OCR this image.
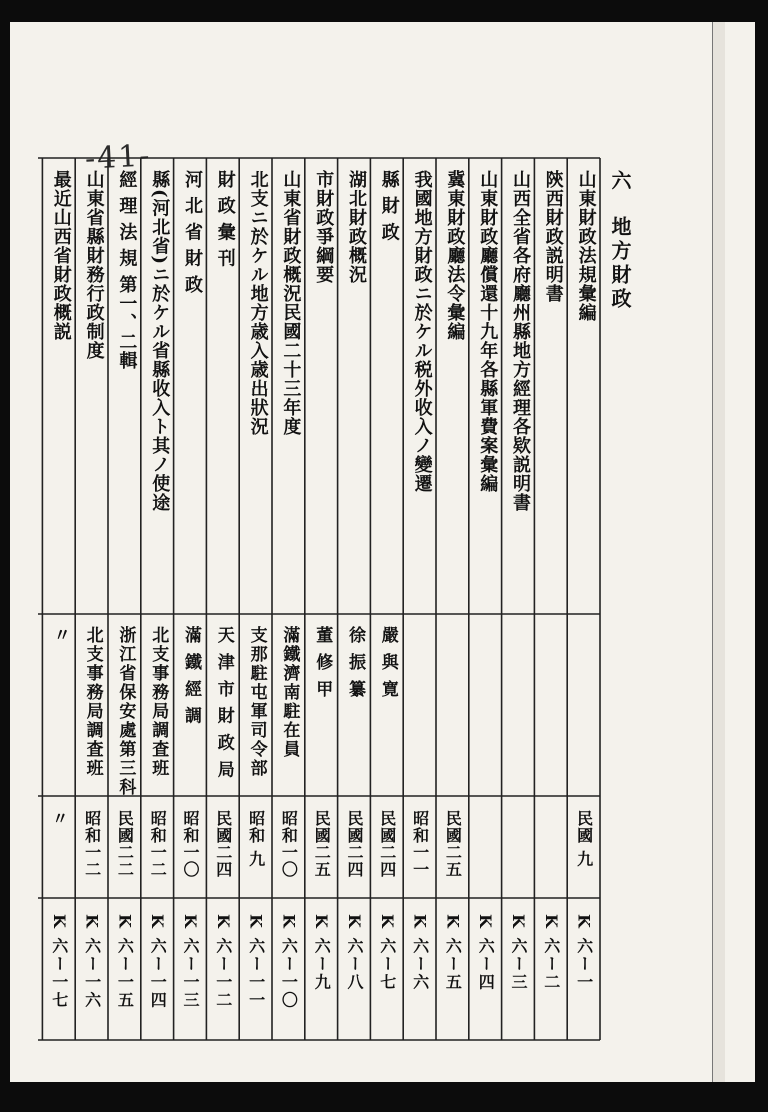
-41-
六地方財政
山東財政法規彙編
民國 九
K 六ー一
陝西財政説明書
K 六ー二
山西全省各府廳州縣地方經理各欵説明書
K 六ー三
山東財政廳償還十九年各縣軍費案彙編
K 六ー四
冀東財政廳法令彙編
民國二五
K 六ー五
我國地方財政ニ於ケル税外收入ノ變遷
昭和一一
K 六ー六
縣 財 政
嚴 與 寛
民國二四
K 六ー七
湖北財政概況
徐 振 纂
民國二四
K 六ー八
市財政爭綱要
董 修 甲
民國二五
K 六ー九
山東省財政概況民國二十三年度
滿鐵濟南駐在員
昭和一〇
K 六ー一〇
北支ニ於ケル地方歳入歳出狀況
支那駐屯軍司令部
昭和 九
K 六ー一一
財 政 彙 刊
天 津 市 財 政 局
民國二四
K 六ー一二
河 北 省 財 政
滿 鐵 經 調
昭和一〇
K 六ー一三
縣(河北省)ニ於ケル省縣收入ト其ノ使途
北支事務局調査班
昭和一二
K 六ー一四
經 理 法 規 第一、二輯
浙江省保安處第三科
民國二二
K 六ー一五
山東省縣財務行政制度
北支事務局調査班
昭和一二
K 六ー一六
最近山西省財政概説
〃
〃
K 六ー一七
